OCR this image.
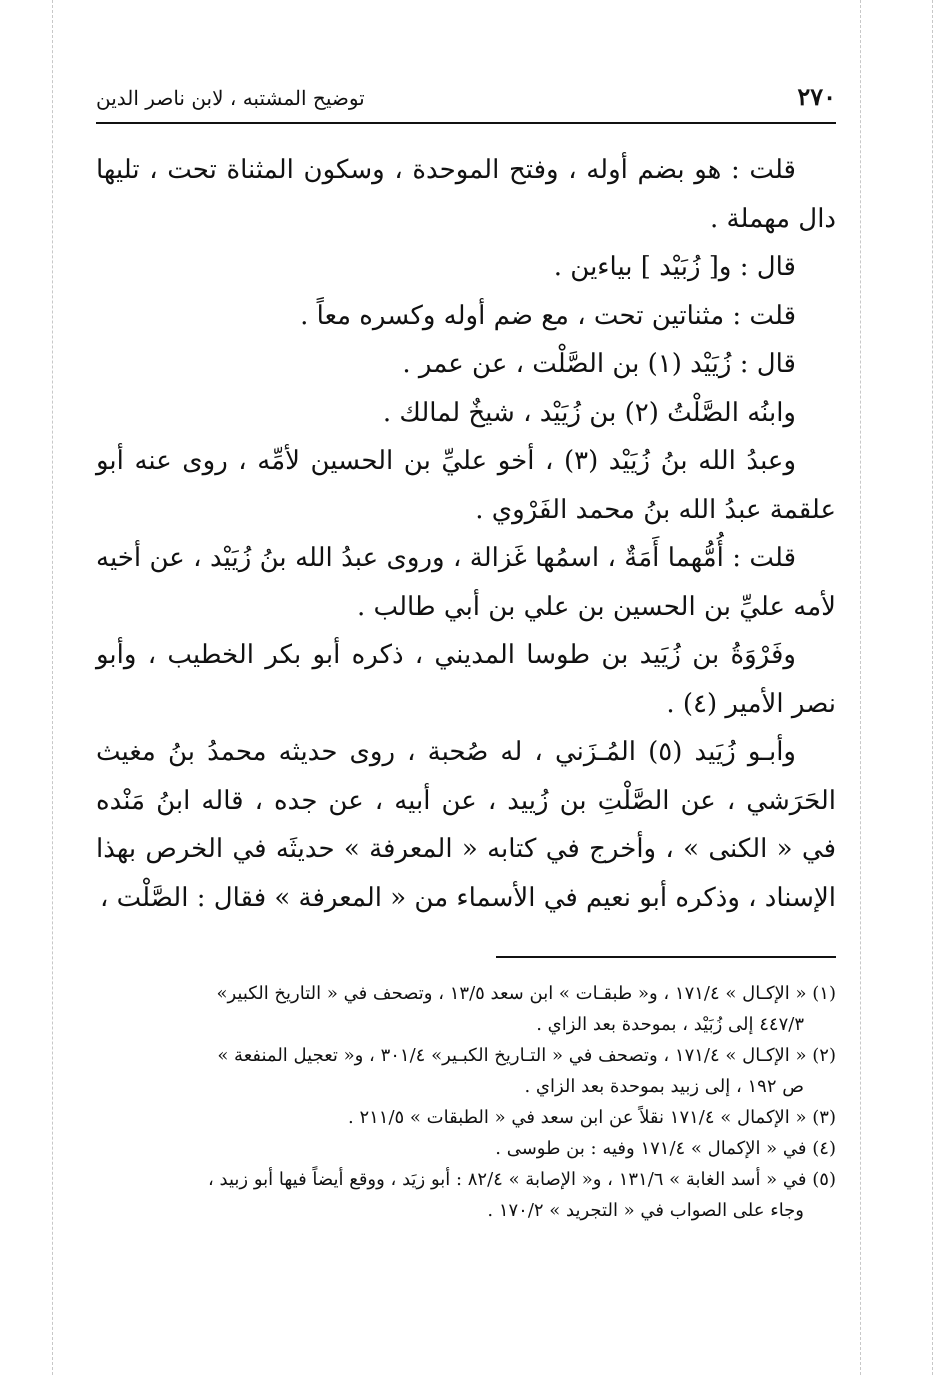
٢٧٠
توضيح المشتبه ، لابن ناصر الدين

قلت : هو بضم أوله ، وفتح الموحدة ، وسكون المثناة تحت ، تليها دال مهملة .

قال : و[ زُبَيْد ] بياءين .

قلت : مثناتين تحت ، مع ضم أوله وكسره معاً .

قال : زُيَيْد (١) بن الصَّلْت ، عن عمر .

وابنُه الصَّلْتُ (٢) بن زُيَيْد ، شيخٌ لمالك .

وعبدُ الله بنُ زُيَيْد (٣) ، أخو عليِّ بن الحسين لأمِّه ، روى عنه أبو علقمة عبدُ الله بنُ محمد الفَرْوي .

قلت : أُمُّهما أَمَةٌ ، اسمُها غَزالة ، وروى عبدُ الله بنُ زُيَيْد ، عن أخيه لأمه عليِّ بن الحسين بن علي بن أبي طالب .

وفَرْوَةُ بن زُيَيد بن طوسا المديني ، ذكره أبو بكر الخطيب ، وأبو نصر الأمير (٤) .

وأبـو زُيَيد (٥) المُـزَني ، له صُحبة ، روى حديثه محمدُ بنُ مغيث الحَرَشي ، عن الصَّلْتِ بن زُييد ، عن أبيه ، عن جده ، قاله ابنُ مَنْده في « الكنى » ، وأخرج في كتابه « المعرفة » حديثَه في الخرص بهذا الإسناد ، وذكره أبو نعيم في الأسماء من « المعرفة » فقال : الصَّلْت ،

(١) « الإكـال » ١٧١/٤ ، و« طبقـات » ابن سعد ١٣/٥ ، وتصحف في « التاريخ الكبير»

٤٤٧/٣ إلى زُبَيْد ، بموحدة بعد الزاي .

(٢) « الإكـال » ١٧١/٤ ، وتصحف في « التـاريخ الكبـير» ٣٠١/٤ ، و« تعجيل المنفعة »

ص ١٩٢ ، إلى زبيد بموحدة بعد الزاي .

(٣) « الإكمال » ١٧١/٤ نقلاً عن ابن سعد في « الطبقات » ٢١١/٥ .

(٤) في « الإكمال » ١٧١/٤ وفيه : بن طوسى .

(٥) في « أسد الغابة » ١٣١/٦ ، و« الإصابة » ٨٢/٤ : أبو زيَد ، ووقع أيضاً فيها أبو زبيد ،

وجاء على الصواب في « التجريد » ١٧٠/٢ .
